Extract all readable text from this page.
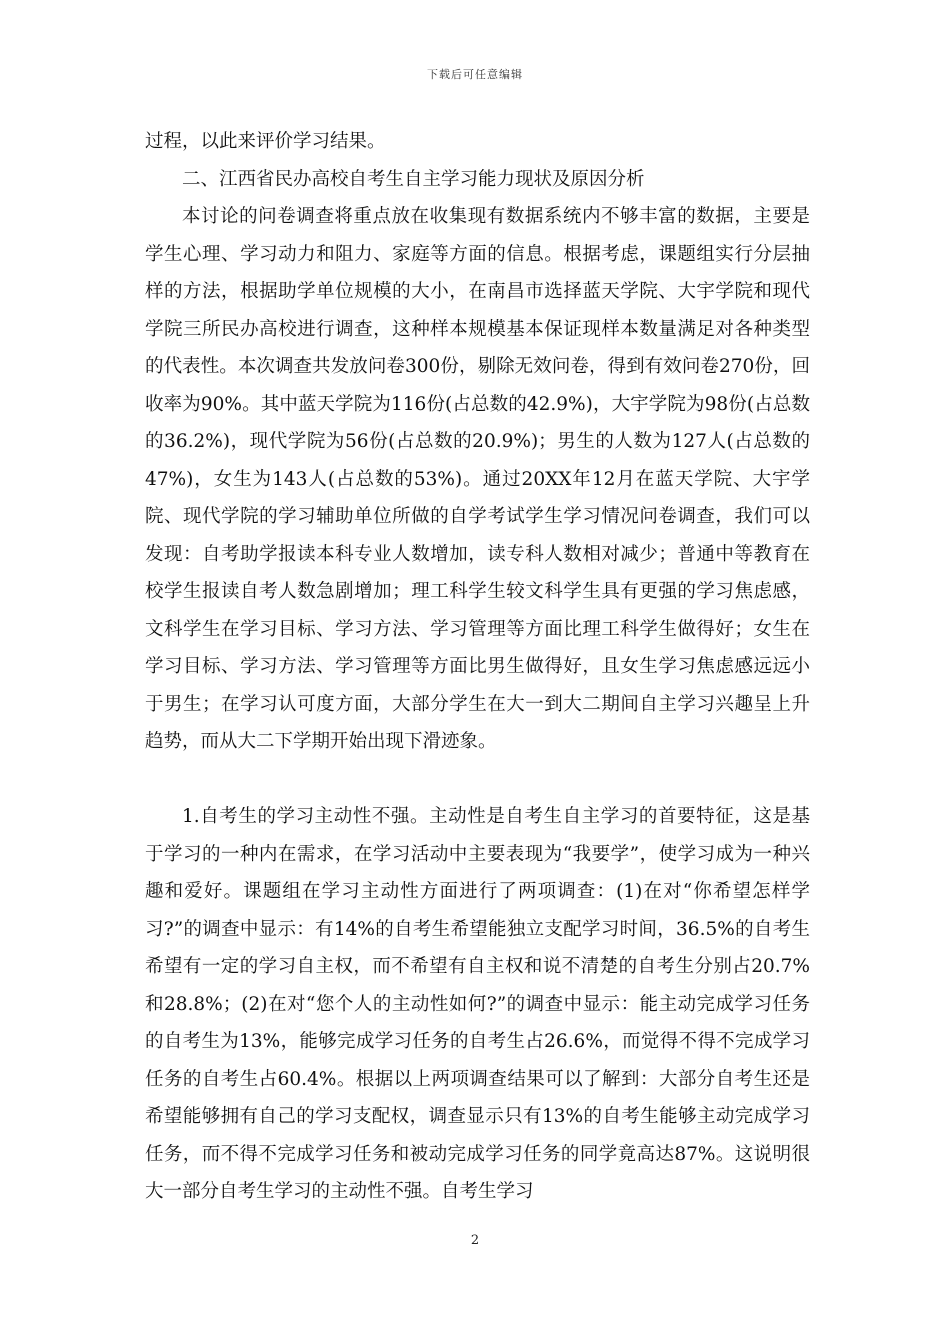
下载后可任意编辑

过程，以此来评价学习结果。

二、江西省民办高校自考生自主学习能力现状及原因分析

本讨论的问卷调查将重点放在收集现有数据系统内不够丰富的数据，主要是学生心理、学习动力和阻力、家庭等方面的信息。根据考虑，课题组实行分层抽样的方法，根据助学单位规模的大小，在南昌市选择蓝天学院、大宇学院和现代学院三所民办高校进行调查，这种样本规模基本保证现样本数量满足对各种类型的代表性。本次调查共发放问卷300份，剔除无效问卷，得到有效问卷270份，回收率为90%。其中蓝天学院为116份(占总数的42.9%)，大宇学院为98份(占总数的36.2%)，现代学院为56份(占总数的20.9%)；男生的人数为127人(占总数的47%)，女生为143人(占总数的53%)。通过20XX年12月在蓝天学院、大宇学院、现代学院的学习辅助单位所做的自学考试学生学习情况问卷调查，我们可以发现：自考助学报读本科专业人数增加，读专科人数相对减少；普通中等教育在校学生报读自考人数急剧增加；理工科学生较文科学生具有更强的学习焦虑感，文科学生在学习目标、学习方法、学习管理等方面比理工科学生做得好；女生在学习目标、学习方法、学习管理等方面比男生做得好，且女生学习焦虑感远远小于男生；在学习认可度方面，大部分学生在大一到大二期间自主学习兴趣呈上升趋势，而从大二下学期开始出现下滑迹象。

1.自考生的学习主动性不强。主动性是自考生自主学习的首要特征，这是基于学习的一种内在需求，在学习活动中主要表现为“我要学”，使学习成为一种兴趣和爱好。课题组在学习主动性方面进行了两项调查：(1)在对“你希望怎样学习?”的调查中显示：有14%的自考生希望能独立支配学习时间，36.5%的自考生希望有一定的学习自主权，而不希望有自主权和说不清楚的自考生分别占20.7%和28.8%；(2)在对“您个人的主动性如何?”的调查中显示：能主动完成学习任务的自考生为13%，能够完成学习任务的自考生占26.6%，而觉得不得不完成学习任务的自考生占60.4%。根据以上两项调查结果可以了解到：大部分自考生还是希望能够拥有自己的学习支配权，调查显示只有13%的自考生能够主动完成学习任务，而不得不完成学习任务和被动完成学习任务的同学竟高达87%。这说明很大一部分自考生学习的主动性不强。自考生学习

2
